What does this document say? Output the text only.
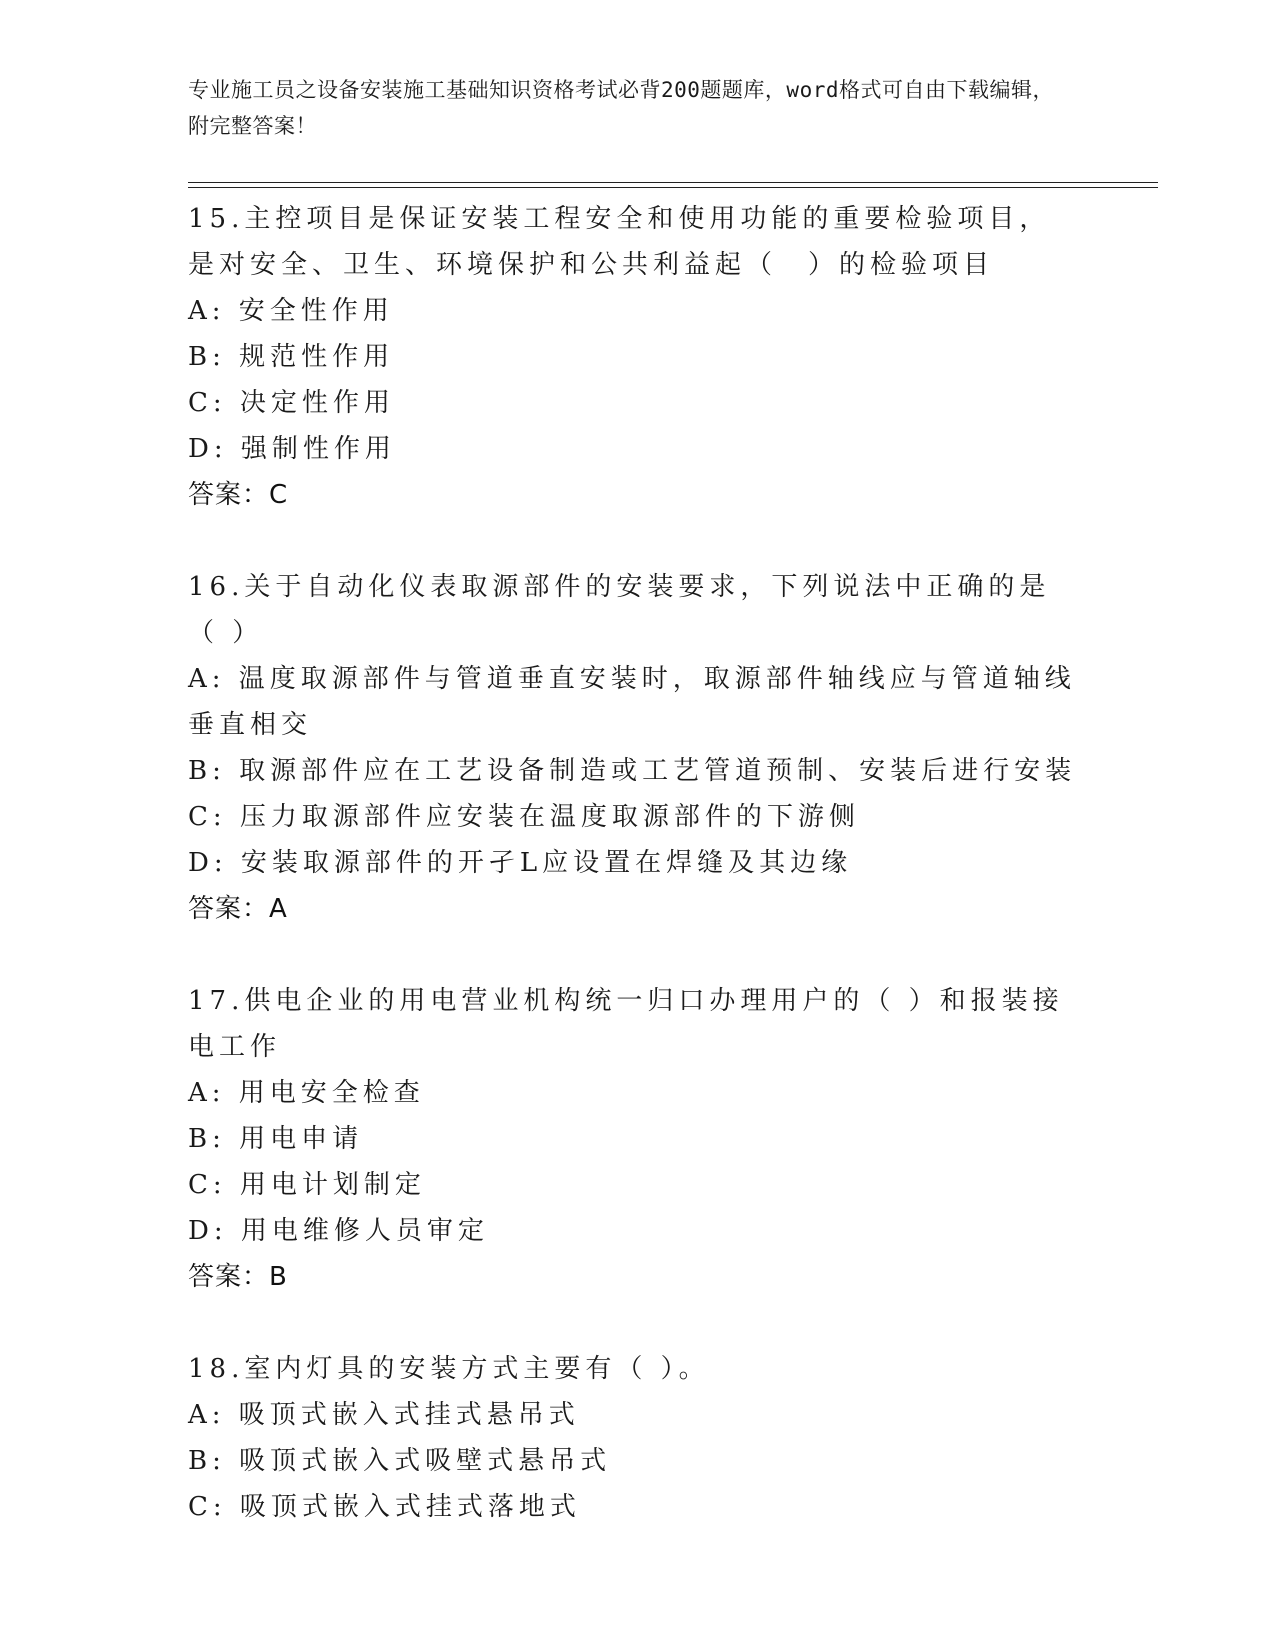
专业施工员之设备安装施工基础知识资格考试必背200题题库，word格式可自由下载编辑，附完整答案！

15.主控项目是保证安装工程安全和使用功能的重要检验项目，是对安全、卫生、环境保护和公共利益起（　）的检验项目
A: 安全性作用
B: 规范性作用
C: 决定性作用
D: 强制性作用
答案：C
16.关于自动化仪表取源部件的安装要求，下列说法中正确的是（ ）
A: 温度取源部件与管道垂直安装时，取源部件轴线应与管道轴线垂直相交
B: 取源部件应在工艺设备制造或工艺管道预制、安装后进行安装
C: 压力取源部件应安装在温度取源部件的下游侧
D: 安装取源部件的开孑L应设置在焊缝及其边缘
答案：A
17.供电企业的用电营业机构统一归口办理用户的（ ）和报装接电工作
A: 用电安全检查
B: 用电申请
C: 用电计划制定
D: 用电维修人员审定
答案：B
18.室内灯具的安装方式主要有（ ）。
A: 吸顶式嵌入式挂式悬吊式
B: 吸顶式嵌入式吸壁式悬吊式
C: 吸顶式嵌入式挂式落地式
